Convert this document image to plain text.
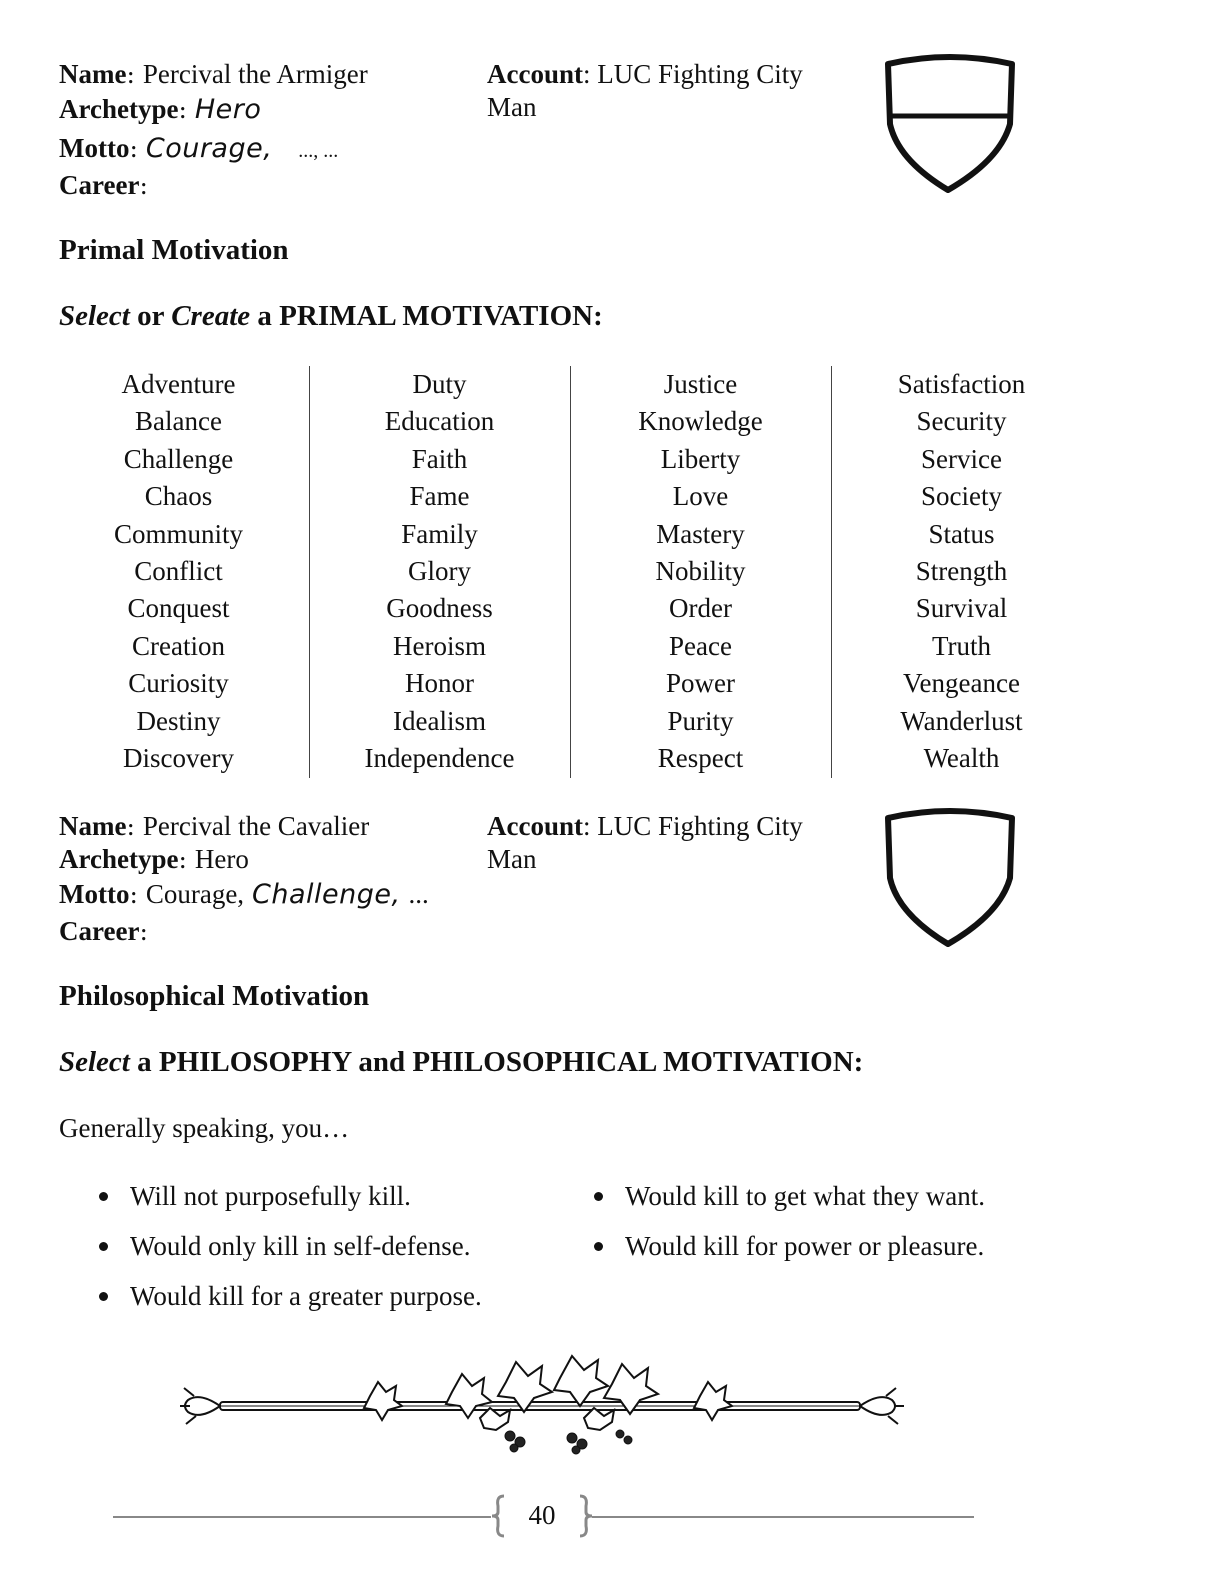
Name: Percival the Armiger
Archetype: Hero
Motto: Courage, ..., ...
Career:
Account: LUC Fighting City Man
Primal Motivation
Select or Create a PRIMAL MOTIVATION:
Adventure
Balance
Challenge
Chaos
Community
Conflict
Conquest
Creation
Curiosity
Destiny
Discovery
Duty
Education
Faith
Fame
Family
Glory
Goodness
Heroism
Honor
Idealism
Independence
Justice
Knowledge
Liberty
Love
Mastery
Nobility
Order
Peace
Power
Purity
Respect
Satisfaction
Security
Service
Society
Status
Strength
Survival
Truth
Vengeance
Wanderlust
Wealth
Name: Percival the Cavalier
Archetype: Hero
Motto: Courage, Challenge, ...
Career:
Account: LUC Fighting City Man
Philosophical Motivation
Select a PHILOSOPHY and PHILOSOPHICAL MOTIVATION:
Generally speaking, you…
Will not purposefully kill.
Would only kill in self-defense.
Would kill for a greater purpose.
Would kill to get what they want.
Would kill for power or pleasure.
40
